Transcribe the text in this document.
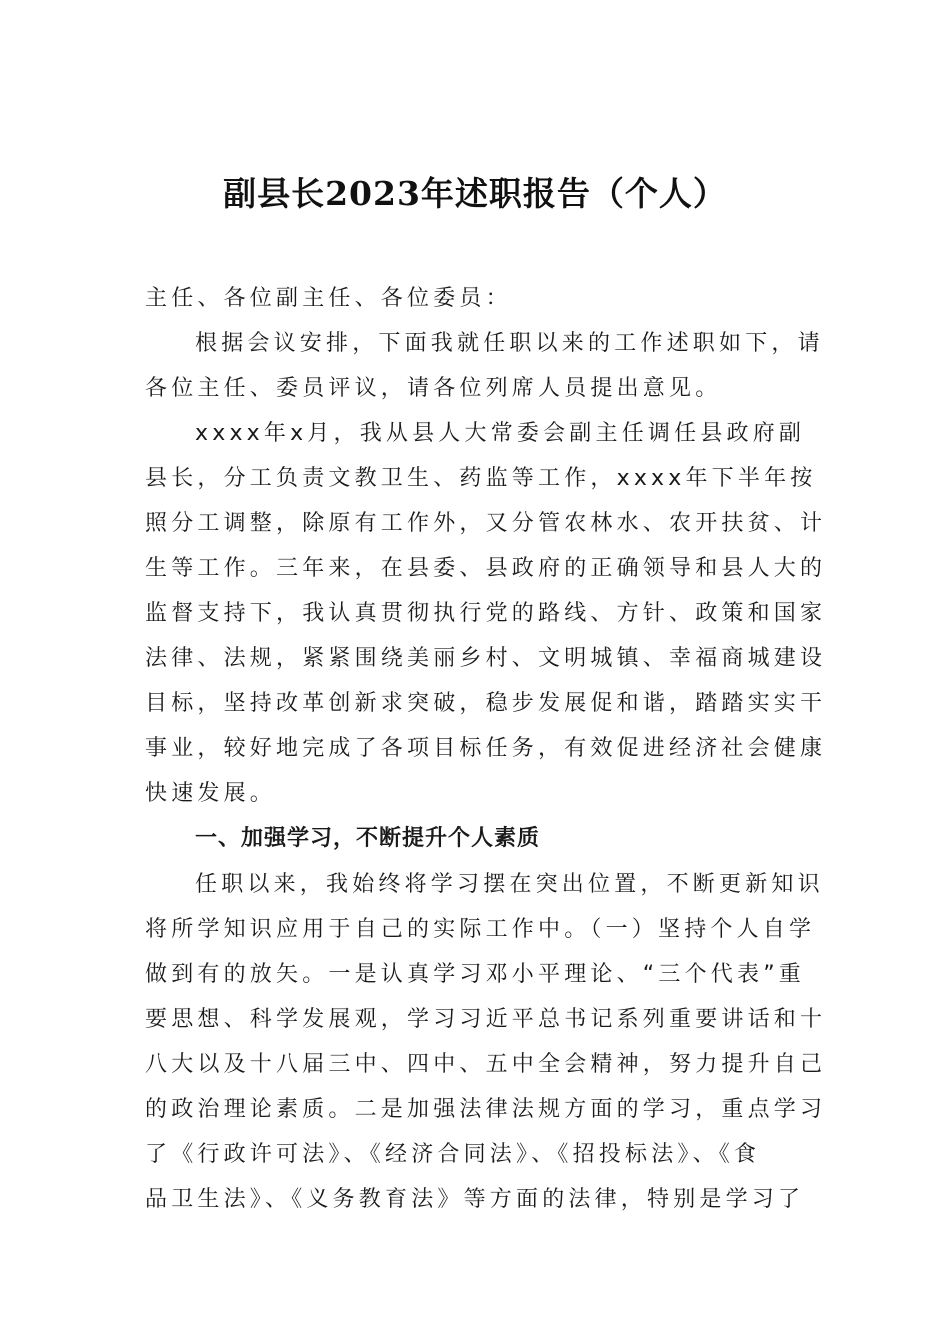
副县长2023年述职报告（个人）
主任、各位副主任、各位委员：
根据会议安排，下面我就任职以来的工作述职如下，请
各位主任、委员评议，请各位列席人员提出意见。
xxxx年x月，我从县人大常委会副主任调任县政府副
县长，分工负责文教卫生、药监等工作，xxxx年下半年按
照分工调整，除原有工作外，又分管农林水、农开扶贫、计
生等工作。三年来，在县委、县政府的正确领导和县人大的
监督支持下，我认真贯彻执行党的路线、方针、政策和国家
法律、法规，紧紧围绕美丽乡村、文明城镇、幸福商城建设
目标，坚持改革创新求突破，稳步发展促和谐，踏踏实实干
事业，较好地完成了各项目标任务，有效促进经济社会健康
快速发展。
一、加强学习，不断提升个人素质
任职以来，我始终将学习摆在突出位置，不断更新知识
将所学知识应用于自己的实际工作中。（一）坚持个人自学
做到有的放矢。一是认真学习邓小平理论、“三个代表”重
要思想、科学发展观，学习习近平总书记系列重要讲话和十
八大以及十八届三中、四中、五中全会精神，努力提升自己
的政治理论素质。二是加强法律法规方面的学习，重点学习
了《行政许可法》、《经济合同法》、《招投标法》、《食
品卫生法》、《义务教育法》等方面的法律，特别是学习了
